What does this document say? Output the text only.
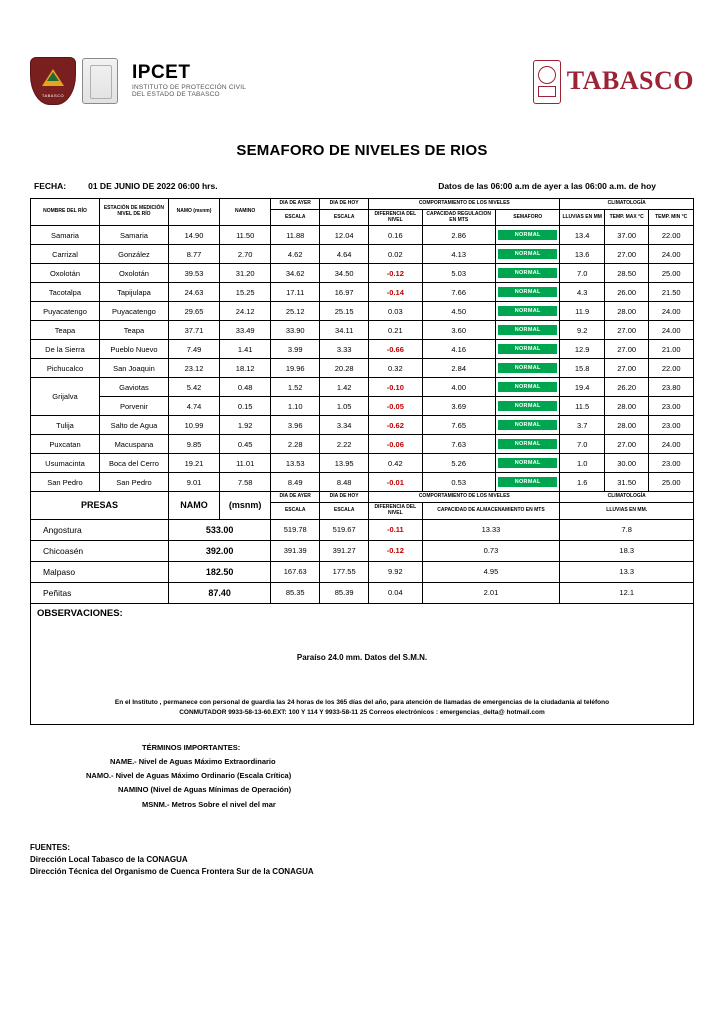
TABASCO
IPCET
INSTITUTO DE PROTECCIÓN CIVIL
DEL ESTADO DE TABASCO	TABASCO
SEMAFORO DE NIVELES DE RIOS
FECHA:	01 DE JUNIO DE 2022 06:00 hrs.	Datos de las 06:00 a.m de ayer a las 06:00 a.m. de hoy
NOMBRE DEL RÍO	ESTACIÓN DE MEDICIÓN NIVEL DE RÍO	NAMO (msnm)	NAMINO	DIA DE AYER	DIA DE HOY	COMPORTAMIENTO DE LOS NIVELES			CLIMATOLOGÍA		
				ESCALA	ESCALA	DIFERENCIA DEL NIVEL	CAPACIDAD REGULACION EN MTS	SEMAFORO	LLUVIAS EN MM	TEMP. MAX °C	TEMP. MIN °C
Samaria	Samaria	14.90	11.50	11.88	12.04	0.16	2.86	NORMAL	13.4	37.00	22.00
Carrizal	González	8.77	2.70	4.62	4.64	0.02	4.13	NORMAL	13.6	27.00	24.00
Oxolotán	Oxolotán	39.53	31.20	34.62	34.50	-0.12	5.03	NORMAL	7.0	28.50	25.00
Tacotalpa	Tapijulapa	24.63	15.25	17.11	16.97	-0.14	7.66	NORMAL	4.3	26.00	21.50
Puyacatengo	Puyacatengo	29.65	24.12	25.12	25.15	0.03	4.50	NORMAL	11.9	28.00	24.00
Teapa	Teapa	37.71	33.49	33.90	34.11	0.21	3.60	NORMAL	9.2	27.00	24.00
De la Sierra	Pueblo Nuevo	7.49	1.41	3.99	3.33	-0.66	4.16	NORMAL	12.9	27.00	21.00
Pichucalco	San Joaquin	23.12	18.12	19.96	20.28	0.32	2.84	NORMAL	15.8	27.00	22.00
Grijalva	Gaviotas	5.42	0.48	1.52	1.42	-0.10	4.00	NORMAL	19.4	26.20	23.80
	Porvenir	4.74	0.15	1.10	1.05	-0.05	3.69	NORMAL	11.5	28.00	23.00
Tulija	Salto de Agua	10.99	1.92	3.96	3.34	-0.62	7.65	NORMAL	3.7	28.00	23.00
Puxcatan	Macuspana	9.85	0.45	2.28	2.22	-0.06	7.63	NORMAL	7.0	27.00	24.00
Usumacinta	Boca del Cerro	19.21	11.01	13.53	13.95	0.42	5.26	NORMAL	1.0	30.00	23.00
San Pedro	San Pedro	9.01	7.58	8.49	8.48	-0.01	0.53	NORMAL	1.6	31.50	25.00
PRESAS	NAMO	(msnm)	DIA DE AYER	DIA DE HOY	COMPORTAMIENTO DE LOS NIVELES		CLIMATOLOGÍA
			ESCALA	ESCALA	DIFERENCIA DEL NIVEL	CAPACIDAD DE ALMACENAMIENTO EN MTS	LLUVIAS EN MM.
Angostura	533.00		519.78	519.67	-0.11	13.33	7.8
Chicoasén	392.00		391.39	391.27	-0.12	0.73	18.3
Malpaso	182.50		167.63	177.55	9.92	4.95	13.3
Peñitas	87.40		85.35	85.39	0.04	2.01	12.1
OBSERVACIONES:
Paraíso 24.0 mm. Datos del S.M.N.
En el Instituto , permanece con personal de guardia las 24 horas de los 365 días del año, para atención de llamadas de emergencias de la ciudadanía al teléfono
CONMUTADOR 9933-58-13-60.EXT: 100 Y 114 Y 9933-58-11 25 Correos electrónicos : emergencias_delta@ hotmail.com
TÉRMINOS IMPORTANTES:
NAME.- Nivel de Aguas Máximo Extraordinario
NAMO.- Nivel de Aguas Máximo Ordinario (Escala Crítica)
NAMINO (Nivel de Aguas Mínimas de Operación)
MSNM.- Metros Sobre el nivel del mar
FUENTES:
Dirección Local Tabasco de la CONAGUA
Dirección Técnica del Organismo de Cuenca Frontera Sur de la CONAGUA
